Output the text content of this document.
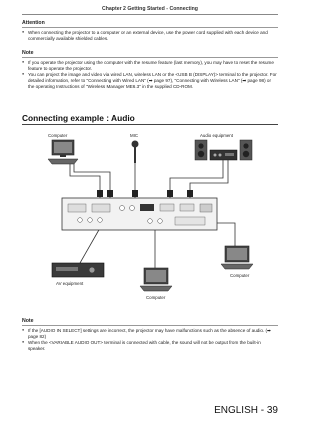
Chapter 2 Getting Started - Connecting
Attention
● When connecting the projector to a computer or an external device, use the power cord supplied with each device and commercially available shielded cables.
Note
● If you operate the projector using the computer with the resume feature (last memory), you may have to reset the resume feature to operate the projector.
● You can project the image and video via wired LAN, wireless LAN or the <USB B (DISPLAY)> terminal to the projector. For detailed information, refer to "Connecting with Wired LAN" (➡ page 97), "Connecting with Wireless LAN" (➡ page 98) or the operating Instructions of "Wireless Manager ME6.3" in the supplied CD-ROM.
Connecting example : Audio
Computer	MIC	Audio equipment
Computer
Computer
AV equipment
Note
● If the [AUDIO IN SELECT] settings are incorrect, the projector may have malfunctions such as the absence of audio. (➡ page 82)
● When the <VARIABLE AUDIO OUT> terminal is connected with cable, the sound will not be output from the built-in speaker.
ENGLISH - 39
